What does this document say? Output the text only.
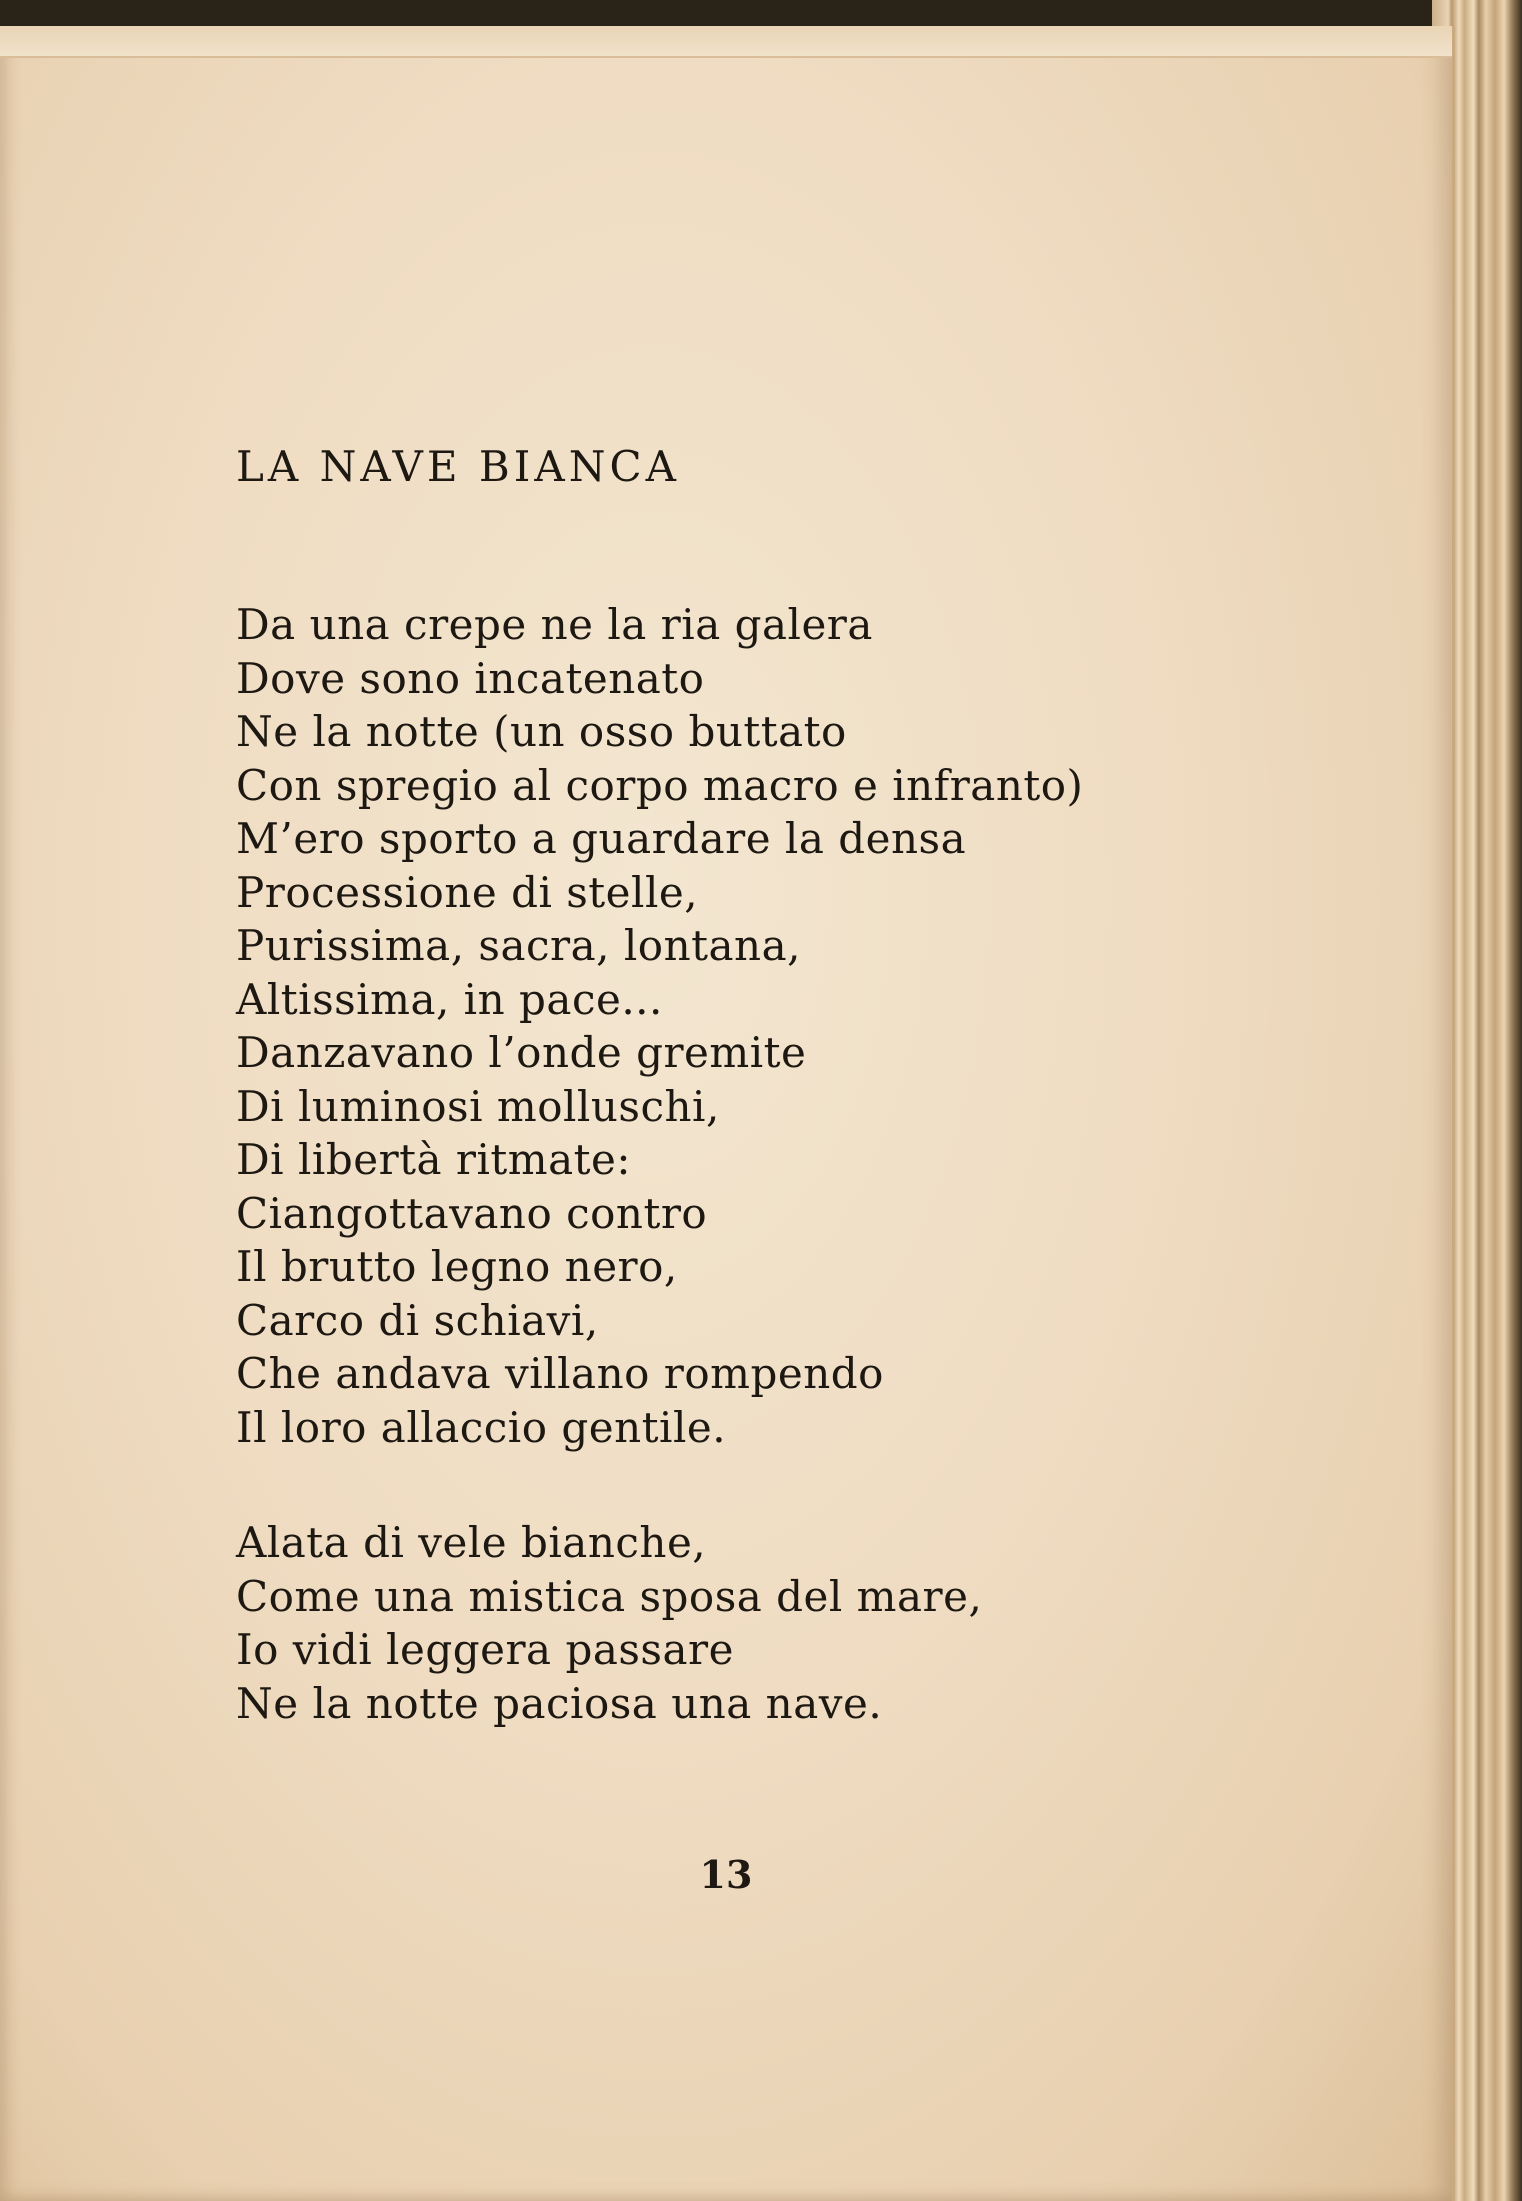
LA NAVE BIANCA
Da una crepe ne la ria galera
Dove sono incatenato
Ne la notte (un osso buttato
Con spregio al corpo macro e infranto)
M’ero sporto a guardare la densa
Processione di stelle,
Purissima, sacra, lontana,
Altissima, in pace...
Danzavano l’onde gremite
Di luminosi molluschi,
Di libertà ritmate:
Ciangottavano contro
Il brutto legno nero,
Carco di schiavi,
Che andava villano rompendo
Il loro allaccio gentile.
Alata di vele bianche,
Come una mistica sposa del mare,
Io vidi leggera passare
Ne la notte paciosa una nave.
13
